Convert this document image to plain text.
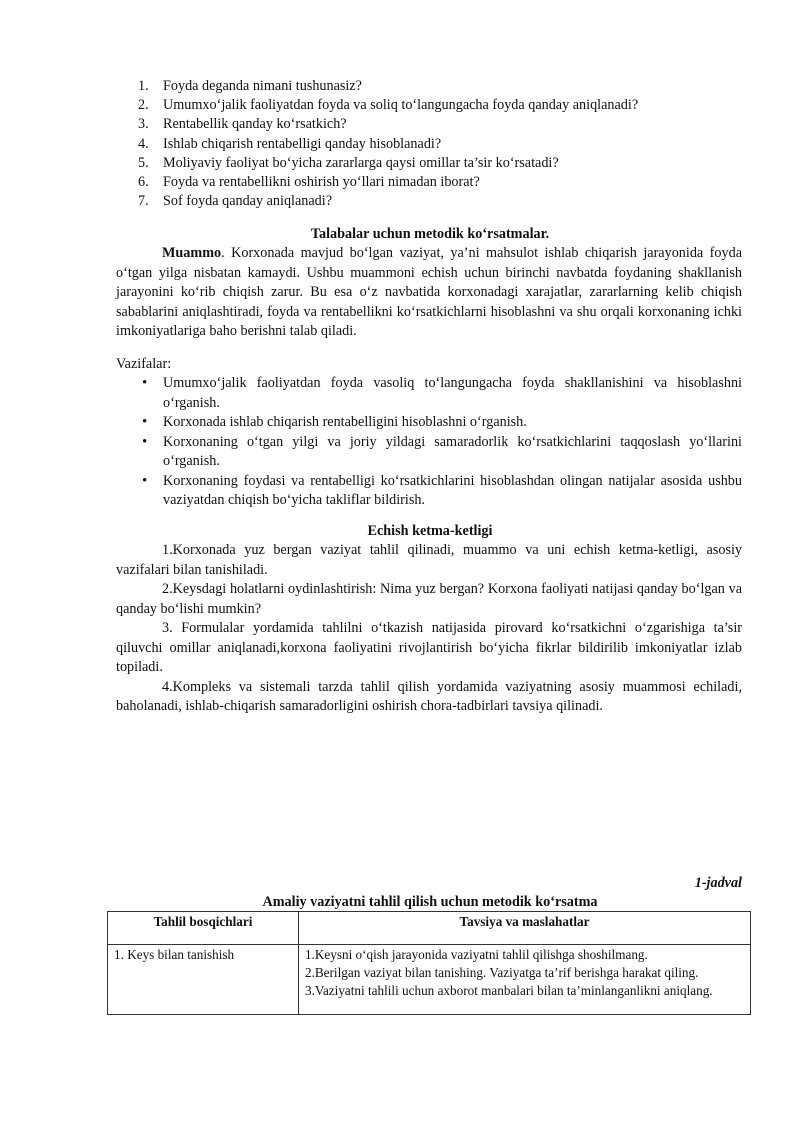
1.	Foyda deganda nimani tushunasiz?
2.	Umumxo‘jalik faoliyatdan foyda va soliq to‘langungacha foyda qanday aniqlanadi?
3.	Rentabellik qanday ko‘rsatkich?
4.	Ishlab chiqarish rentabelligi qanday hisoblanadi?
5.	Moliyaviy faoliyat bo‘yicha zararlarga qaysi omillar ta’sir ko‘rsatadi?
6.	Foyda va rentabellikni oshirish yo‘llari nimadan iborat?
7.	Sof foyda qanday aniqlanadi?
Talabalar uchun metodik ko‘rsatmalar.

Muammo. Korxonada mavjud bo‘lgan vaziyat, ya’ni mahsulot ishlab chiqarish jarayonida foyda o‘tgan yilga nisbatan kamaydi. Ushbu muammoni echish uchun birinchi navbatda foydaning shakllanish jarayonini ko‘rib chiqish zarur. Bu esa o‘z navbatida korxonadagi xarajatlar, zararlarning kelib chiqish sabablarini aniqlashtiradi, foyda va rentabellikni ko‘rsatkichlarni hisoblashni va shu orqali korxonaning ichki imkoniyatlariga baho berishni talab qiladi.

Vazifalar:
• Umumxo‘jalik faoliyatdan foyda vasoliq to‘langungacha foyda shakllanishini va hisoblashni o‘rganish.
• Korxonada ishlab chiqarish rentabelligini hisoblashni o‘rganish.
• Korxonaning o‘tgan yilgi va joriy yildagi samaradorlik ko‘rsatkichlarini taqqoslash yo‘llarini o‘rganish.
• Korxonaning foydasi va rentabelligi ko‘rsatkichlarini hisoblashdan olingan natijalar asosida ushbu vaziyatdan chiqish bo‘yicha takliflar bildirish.
Echish ketma-ketligi

1.Korxonada yuz bergan vaziyat tahlil qilinadi, muammo va uni echish ketma-ketligi, asosiy vazifalari bilan tanishiladi.

2.Keysdagi holatlarni oydinlashtirish: Nima yuz bergan? Korxona faoliyati natijasi qanday bo‘lgan va qanday bo‘lishi mumkin?

3. Formulalar yordamida tahlilni o‘tkazish natijasida pirovard ko‘rsatkichni o‘zgarishiga ta’sir qiluvchi omillar aniqlanadi,korxona faoliyatini rivojlantirish bo‘yicha fikrlar bildirilib imkoniyatlar izlab topiladi.

4.Kompleks va sistemali tarzda tahlil qilish yordamida vaziyatning asosiy muammosi echiladi, baholanadi, ishlab-chiqarish samaradorligini oshirish chora-tadbirlari tavsiya qilinadi.

1-jadval
Amaliy vaziyatni tahlil qilish uchun metodik ko‘rsatma
Tahlil bosqichlari	Tavsiya va maslahatlar
1. Keys bilan tanishish	1.Keysni o‘qish jarayonida vaziyatni tahlil qilishga shoshilmang.

2.Berilgan vaziyat bilan tanishing. Vaziyatga ta’rif berishga harakat qiling.

3.Vaziyatni tahlili uchun axborot manbalari bilan ta’minlanganlikni aniqlang.
